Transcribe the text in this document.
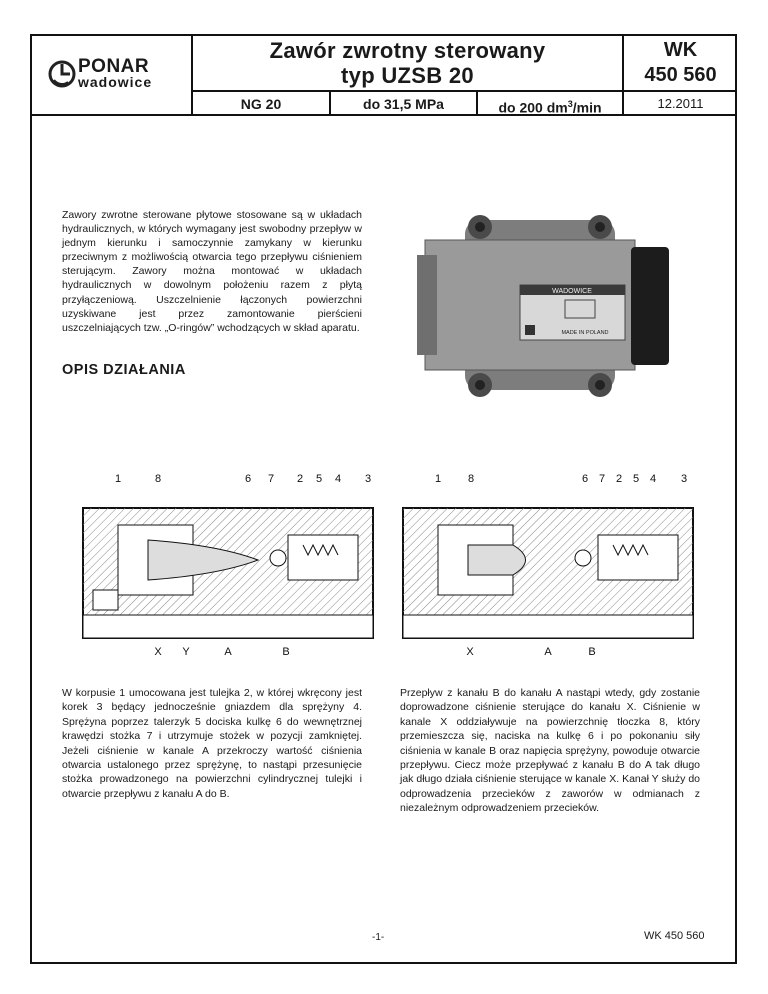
PONAR
wadowice
Zawór zwrotny sterowany
typ UZSB 20
WK
450 560
NG 20	do 31,5 MPa	do 200 $dm^3/\min$	12.2011
Zawory zwrotne sterowane płytowe stosowane są w układach hydraulicznych, w których wymagany jest swobodny przepływ w jednym kierunku i samoczynnie zamykany w kierunku przeciwnym z możliwością otwarcia tego przepływu ciśnieniem sterującym. Zawory można montować w układach hydraulicznych w dowolnym położeniu razem z płytą przyłączeniową. Uszczelnienie łączonych powierzchni uzyskiwane jest przez zamontowanie pierścieni uszczelniających tzw. „O-ringów” wchodzących w skład aparatu.
WADOWICE
MADE IN POLAND
OPIS DZIAŁANIA
1	8	6 7 2 5 4 3
X Y	A	B
1 8	6 7 2 5 4 3
X	A	B
W korpusie 1 umocowana jest tulejka 2, w której wkręcony jest korek 3 będący jednocześnie gniazdem dla sprężyny 4. Sprężyna poprzez talerzyk 5 dociska kulkę 6 do wewnętrznej krawędzi stożka 7 i utrzymuje stożek w pozycji zamkniętej. Jeżeli ciśnienie w kanale A przekroczy wartość ciśnienia otwarcia ustalonego przez sprężynę, to nastąpi przesunięcie stożka prowadzonego na powierzchni cylindrycznej tulejki i otwarcie przepływu z kanału A do B.
Przepływ z kanału B do kanału A nastąpi wtedy, gdy zostanie doprowadzone ciśnienie sterujące do kanału X. Ciśnienie w kanale X oddziaływuje na powierzchnię tłoczka 8, który przemieszcza się, naciska na kulkę 6 i po pokonaniu siły ciśnienia w kanale B oraz napięcia sprężyny, powoduje otwarcie przepływu. Ciecz może przepływać z kanału B do A tak długo jak długo działa ciśnienie sterujące w kanale X. Kanał Y służy do odprowadzenia przecieków z zaworów w odmianach z niezależnym odprowadzeniem przecieków.
-1-	WK 450 560
